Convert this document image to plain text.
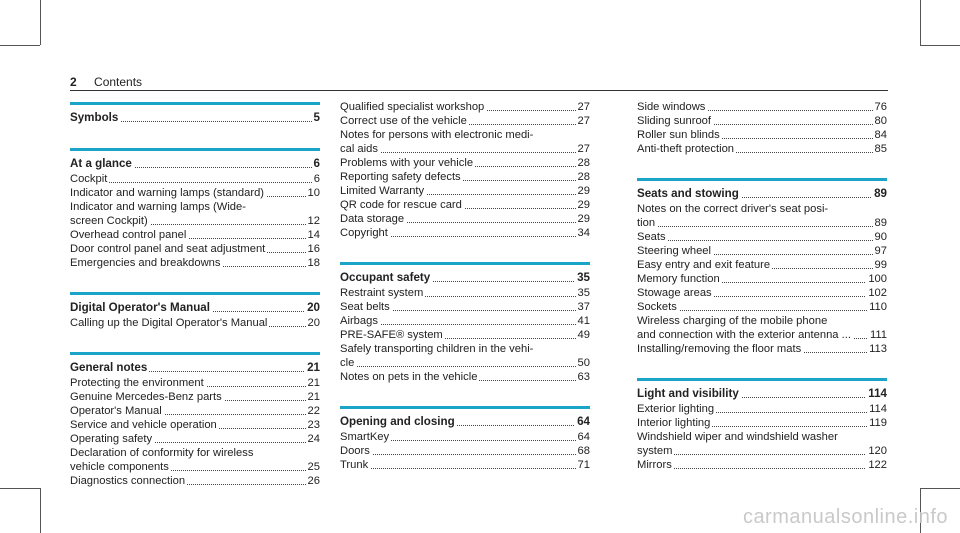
2 Contents
Symbols	5
At a glance	6
Cockpit	6
Indicator and warning lamps (standard)	10
Indicator and warning lamps (Wide-
screen Cockpit)	12
Overhead control panel	14
Door control panel and seat adjustment	16
Emergencies and breakdowns	18
Digital Operator's Manual	20
Calling up the Digital Operator's Manual	20
General notes	21
Protecting the environment	21
Genuine Mercedes-Benz parts	21
Operator's Manual	22
Service and vehicle operation	23
Operating safety	24
Declaration of conformity for wireless
vehicle components	25
Diagnostics connection	26
Qualified specialist workshop	27
Correct use of the vehicle	27
Notes for persons with electronic medi-
cal aids	27
Problems with your vehicle	28
Reporting safety defects	28
Limited Warranty	29
QR code for rescue card	29
Data storage	29
Copyright	34
Occupant safety	35
Restraint system	35
Seat belts	37
Airbags	41
PRE-SAFE® system	49
Safely transporting children in the vehi-
cle	50
Notes on pets in the vehicle	63
Opening and closing	64
SmartKey	64
Doors	68
Trunk	71
Side windows	76
Sliding sunroof	80
Roller sun blinds	84
Anti-theft protection	85
Seats and stowing	89
Notes on the correct driver's seat posi-
tion	89
Seats	90
Steering wheel	97
Easy entry and exit feature	99
Memory function	100
Stowage areas	102
Sockets	110
Wireless charging of the mobile phone
and connection with the exterior antenna ... 111
Installing/removing the floor mats	113
Light and visibility	114
Exterior lighting	114
Interior lighting	119
Windshield wiper and windshield washer
system	120
Mirrors	122
carmanualsonline.info
